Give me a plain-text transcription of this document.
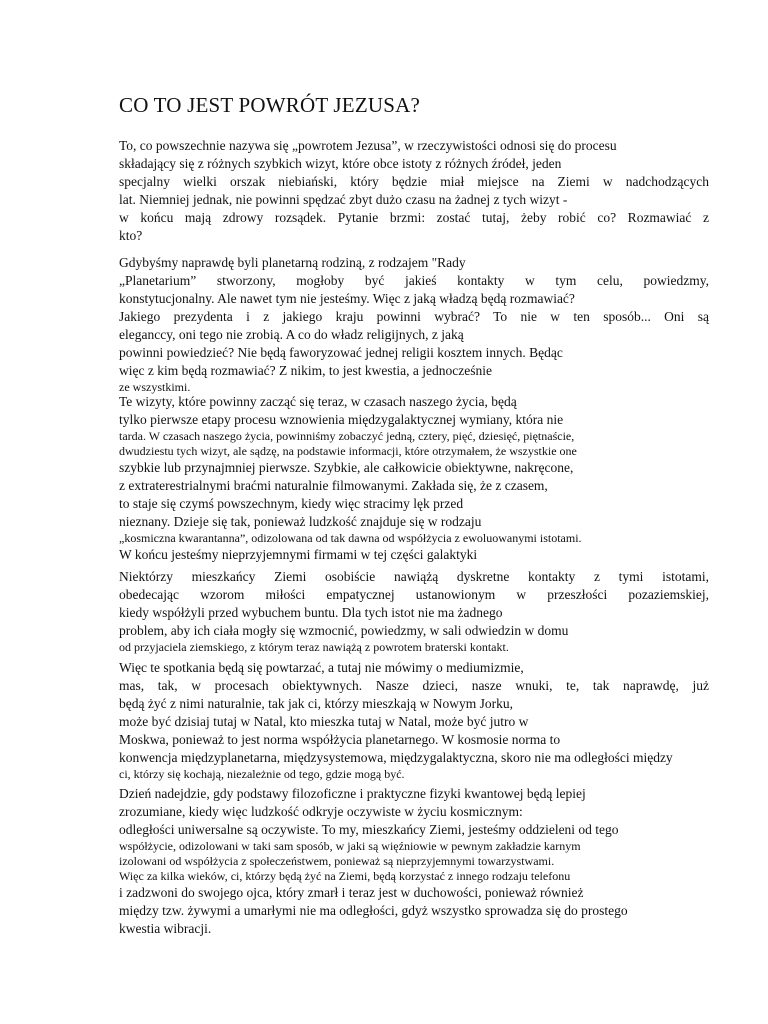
CO TO JEST POWRÓT JEZUSA?
To, co powszechnie nazywa się „powrotem Jezusa”, w rzeczywistości odnosi się do procesu
składający się z różnych szybkich wizyt, które obce istoty z różnych źródeł, jeden
specjalny wielki orszak niebiański, który będzie miał miejsce na Ziemi w nadchodzących
lat. Niemniej jednak, nie powinni spędzać zbyt dużo czasu na żadnej z tych wizyt -
w końcu mają zdrowy rozsądek. Pytanie brzmi: zostać tutaj, żeby robić co? Rozmawiać z
kto?
Gdybyśmy naprawdę byli planetarną rodziną, z rodzajem "Rady
„Planetarium” stworzony, mogłoby być jakieś kontakty w tym celu, powiedzmy,
konstytucjonalny. Ale nawet tym nie jesteśmy. Więc z jaką władzą będą rozmawiać?
Jakiego prezydenta i z jakiego kraju powinni wybrać? To nie w ten sposób... Oni są
eleganccy, oni tego nie zrobią. A co do władz religijnych, z jaką
powinni powiedzieć? Nie będą faworyzować jednej religii kosztem innych. Będąc
więc z kim będą rozmawiać? Z nikim, to jest kwestia, a jednocześnie
ze wszystkimi.
Te wizyty, które powinny zacząć się teraz, w czasach naszego życia, będą
tylko pierwsze etapy procesu wznowienia międzygalaktycznej wymiany, która nie
tarda. W czasach naszego życia, powinniśmy zobaczyć jedną, cztery, pięć, dziesięć, piętnaście,
dwudziestu tych wizyt, ale sądzę, na podstawie informacji, które otrzymałem, że wszystkie one
szybkie lub przynajmniej pierwsze. Szybkie, ale całkowicie obiektywne, nakręcone,
z extraterestrialnymi braćmi naturalnie filmowanymi. Zakłada się, że z czasem,
to staje się czymś powszechnym, kiedy więc stracimy lęk przed
nieznany. Dzieje się tak, ponieważ ludzkość znajduje się w rodzaju
„kosmiczna kwarantanna”, odizolowana od tak dawna od współżycia z ewoluowanymi istotami.
W końcu jesteśmy nieprzyjemnymi firmami w tej części galaktyki
Niektórzy mieszkańcy Ziemi osobiście nawiążą dyskretne kontakty z tymi istotami,
obedecając wzorom miłości empatycznej ustanowionym w przeszłości pozaziemskiej,
kiedy współżyli przed wybuchem buntu. Dla tych istot nie ma żadnego
problem, aby ich ciała mogły się wzmocnić, powiedzmy, w sali odwiedzin w domu
od przyjaciela ziemskiego, z którym teraz nawiążą z powrotem braterski kontakt.
Więc te spotkania będą się powtarzać, a tutaj nie mówimy o mediumizmie,
mas, tak, w procesach obiektywnych. Nasze dzieci, nasze wnuki, te, tak naprawdę, już
będą żyć z nimi naturalnie, tak jak ci, którzy mieszkają w Nowym Jorku,
może być dzisiaj tutaj w Natal, kto mieszka tutaj w Natal, może być jutro w
Moskwa, ponieważ to jest norma współżycia planetarnego. W kosmosie norma to
konwencja międzyplanetarna, międzysystemowa, międzygalaktyczna, skoro nie ma odległości między
ci, którzy się kochają, niezależnie od tego, gdzie mogą być.
Dzień nadejdzie, gdy podstawy filozoficzne i praktyczne fizyki kwantowej będą lepiej
zrozumiane, kiedy więc ludzkość odkryje oczywiste w życiu kosmicznym:
odległości uniwersalne są oczywiste. To my, mieszkańcy Ziemi, jesteśmy oddzieleni od tego
współżycie, odizolowani w taki sam sposób, w jaki są więźniowie w pewnym zakładzie karnym
izolowani od współżycia z społeczeństwem, ponieważ są nieprzyjemnymi towarzystwami.
Więc za kilka wieków, ci, którzy będą żyć na Ziemi, będą korzystać z innego rodzaju telefonu
i zadzwoni do swojego ojca, który zmarł i teraz jest w duchowości, ponieważ również
między tzw. żywymi a umarłymi nie ma odległości, gdyż wszystko sprowadza się do prostego
kwestia wibracji.
